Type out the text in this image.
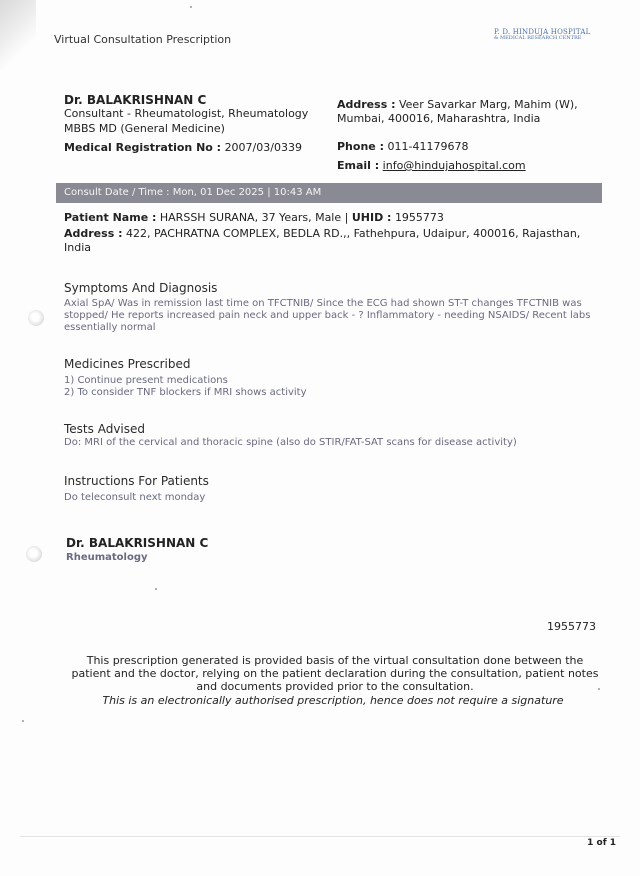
Virtual Consultation Prescription
P. D. HINDUJA HOSPITAL
& MEDICAL RESEARCH CENTRE
Dr. BALAKRISHNAN C
Consultant - Rheumatologist, Rheumatology
MBBS MD (General Medicine)
Medical Registration No : 2007/03/0339
Address : Veer Savarkar Marg, Mahim (W), Mumbai, 400016, Maharashtra, India
Phone : 011-41179678
Email : info@hindujahospital.com
Consult Date / Time : Mon, 01 Dec 2025 | 10:43 AM
Patient Name : HARSSH SURANA, 37 Years, Male | UHID : 1955773
Address : 422, PACHRATNA COMPLEX, BEDLA RD.,, Fathehpura, Udaipur, 400016, Rajasthan, India
Symptoms And Diagnosis
Axial SpA/ Was in remission last time on TFCTNIB/ Since the ECG had shown ST-T changes TFCTNIB was stopped/ He reports increased pain neck and upper back - ? Inflammatory - needing NSAIDS/ Recent labs essentially normal
Medicines Prescribed
1) Continue present medications
2) To consider TNF blockers if MRI shows activity
Tests Advised
Do: MRI of the cervical and thoracic spine (also do STIR/FAT-SAT scans for disease activity)
Instructions For Patients
Do teleconsult next monday
Dr. BALAKRISHNAN C
Rheumatology
1955773
This prescription generated is provided basis of the virtual consultation done between the patient and the doctor, relying on the patient declaration during the consultation, patient notes and documents provided prior to the consultation.
This is an electronically authorised prescription, hence does not require a signature
1 of 1
